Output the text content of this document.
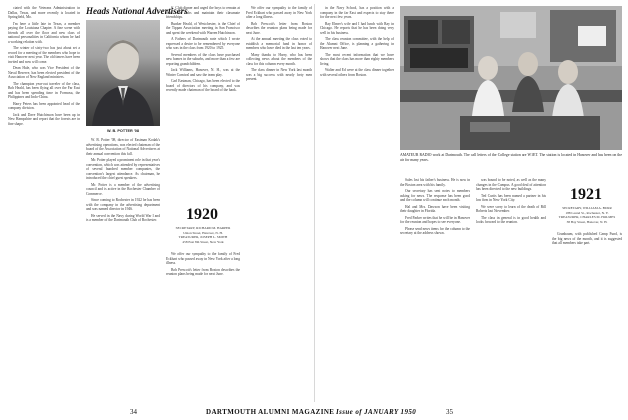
ciated with the Veterans Administration in Dallas, Texas, and more recently is located in Springfield, Mo.

I'm here a little late in Texas, a member paying the Louisiana Chapter. A fine scene with friends all over the floor and new class of national personalities in California whom he had a working relation with.

The winter of sixty-two has just about set a record for a meeting of the members who hope to visit Hanover next year. The old timers have been invited and now will come.

Dean Hale, who was Vice President of the Naval Reserve, has been elected president of the Association of New England ministers.

The champion year-out traveler of the class, Bob Heald, has been flying all over the Far East and has been spending time in Formosa, the Philippines and Indo-China.

Harry Peters has been appointed head of the company division.

Jack and Dave Hutchinson have been up in New Hampshire and report that the forests are in fine shape.

Heads National Advertisers
W. B. POTTER '08

W. B. Potter '08, director of Eastman Kodak's advertising operations, was elected chairman of the board of the Association of National Advertisers at their annual convention this fall.

Mr. Potter played a prominent role in that year's convention, which was attended by representatives of several hundred member companies, the convention's largest attendance. As chairman, he introduced the chief guest speakers.

Mr. Potter is a member of the advertising council and is active in the Rochester Chamber of Commerce.

Since coming to Rochester in 1922 he has been with the company in the advertising department and was named director in 1946.

He served in the Navy during World War I and is a member of the Dartmouth Club of Rochester.

C. Club dinner and urged the boys to remain at their own clubs and maintain their classmate friendships.

Bunker Heald, of Westchester, is the Chief of the Tippan Association meeting in San Francisco and spent the weekend with Warren Hutchinson.

A Fathers of Dartmouth note which I wrote expressed a desire to be remembered by everyone who was in the class from 1920 to 1925.

Several members of the class have purchased new homes in the suburbs, and more than a few are reporting grandchildren.

Jack Williams, Hanover, N. H., was at the Winter Carnival and saw the team play.

Carl Eastman, Chicago, has been elected to the board of directors of his company, and was recently made chairman of the board of the bank.

1920
SECRETARY, RICHARD M. HARPER
Union Street, Hanover, N. H.
TREASURER, JOSEPH L. SMITH
458 East 8th Street, New York

We offer our sympathy to the family of Fred Eckhart who passed away in New York after a long illness.

Bob Prescott's letter from Boston describes the reunion plans being made for next June.

We offer our sympathy to the family of Fred Eckhart who passed away in New York after a long illness.

Bob Prescott's letter from Boston describes the reunion plans being made for next June.

At the annual meeting the class voted to establish a memorial fund in honor of members who have died in the last ten years.

Many thanks to Harry, who has been collecting news about the members of the class for this column every month.

The class dinner in New York last month was a big success with nearly forty men present.

in the Navy School, has a position with a company in the far East and expects to stay there for the next few years.

Ray Elmer's wife and I had lunch with Ray in Chicago. He reports that he has been doing very well in his business.

The class reunion committee, with the help of the Alumni Office, is planning a gathering in Hanover next June.

The most recent information that we have shows that the class has more than eighty members living.

Walter and Ed were at the class dinner together with several others from Boston.

AMATEUR RADIO work at Dartmouth. The call letters of the College station are W1ET. The station is located in Hanover and has been on the air for many years.

Sales lost his father's business. He is now in the Boston area with his family.

Our secretary has sent notes to members asking for news. The response has been good and the column will continue each month.

Hal and Mrs. Dawson have been visiting their daughter in Florida.

Fred Parker writes that he will be in Hanover for the reunion and hopes to see everyone.

Please send news items for the column to the secretary at the address shown.

was bound to be noted, as well as the many changes in the Campus. A good deal of attention has been directed to the new buildings.

Ted Curtis has been named a partner in his law firm in New York City.

We were sorry to learn of the death of Bill Roberts last November.

The class in general is in good health and looks forward to the reunion.

1921
SECRETARY, WILLIAM A. BURR
188 Laurel St., Rochester, N. Y.
TREASURER, CHARLES M. HOLMES
38 Bay Street, Hanover, N. H.

Grunbaum, with published Camp Fund, is the big news of the month, and it is suggested that all members take part.

34	DARTMOUTH ALUMNI MAGAZINE Issue of JANUARY 1950	35
